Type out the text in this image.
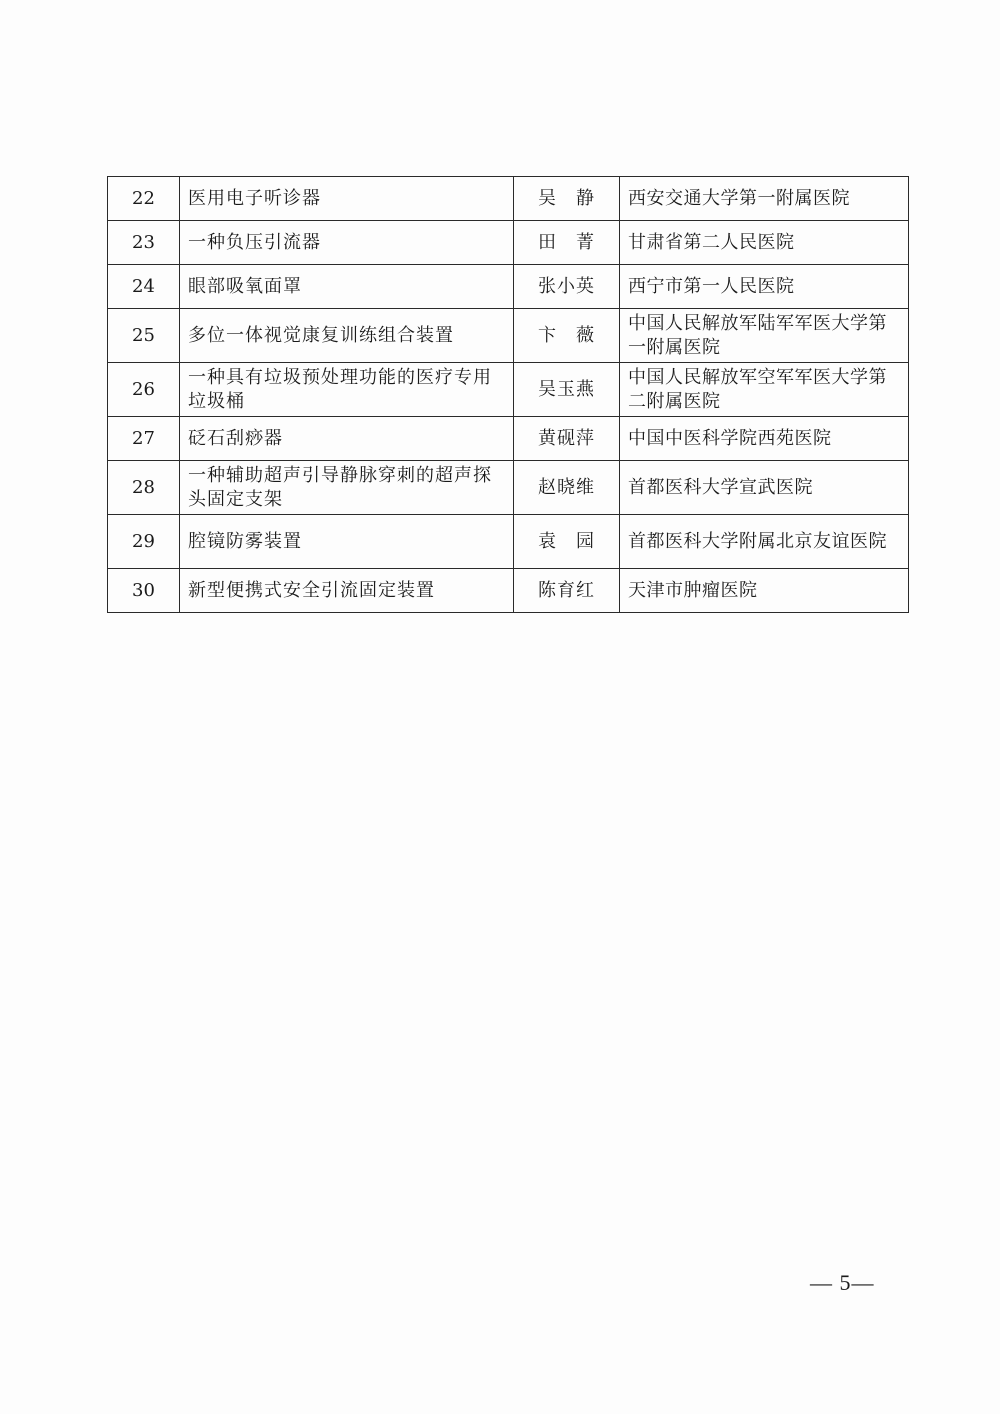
22	医用电子听诊器	吴　静	西安交通大学第一附属医院
23	一种负压引流器	田　菁	甘肃省第二人民医院
24	眼部吸氧面罩	张小英	西宁市第一人民医院
25	多位一体视觉康复训练组合装置	卞　薇	中国人民解放军陆军军医大学第一附属医院
26	一种具有垃圾预处理功能的医疗专用垃圾桶	吴玉燕	中国人民解放军空军军医大学第二附属医院
27	砭石刮痧器	黄砚萍	中国中医科学院西苑医院
28	一种辅助超声引导静脉穿刺的超声探头固定支架	赵晓维	首都医科大学宣武医院
29	腔镜防雾装置	袁　园	首都医科大学附属北京友谊医院
30	新型便携式安全引流固定装置	陈育红	天津市肿瘤医院
— 5—
